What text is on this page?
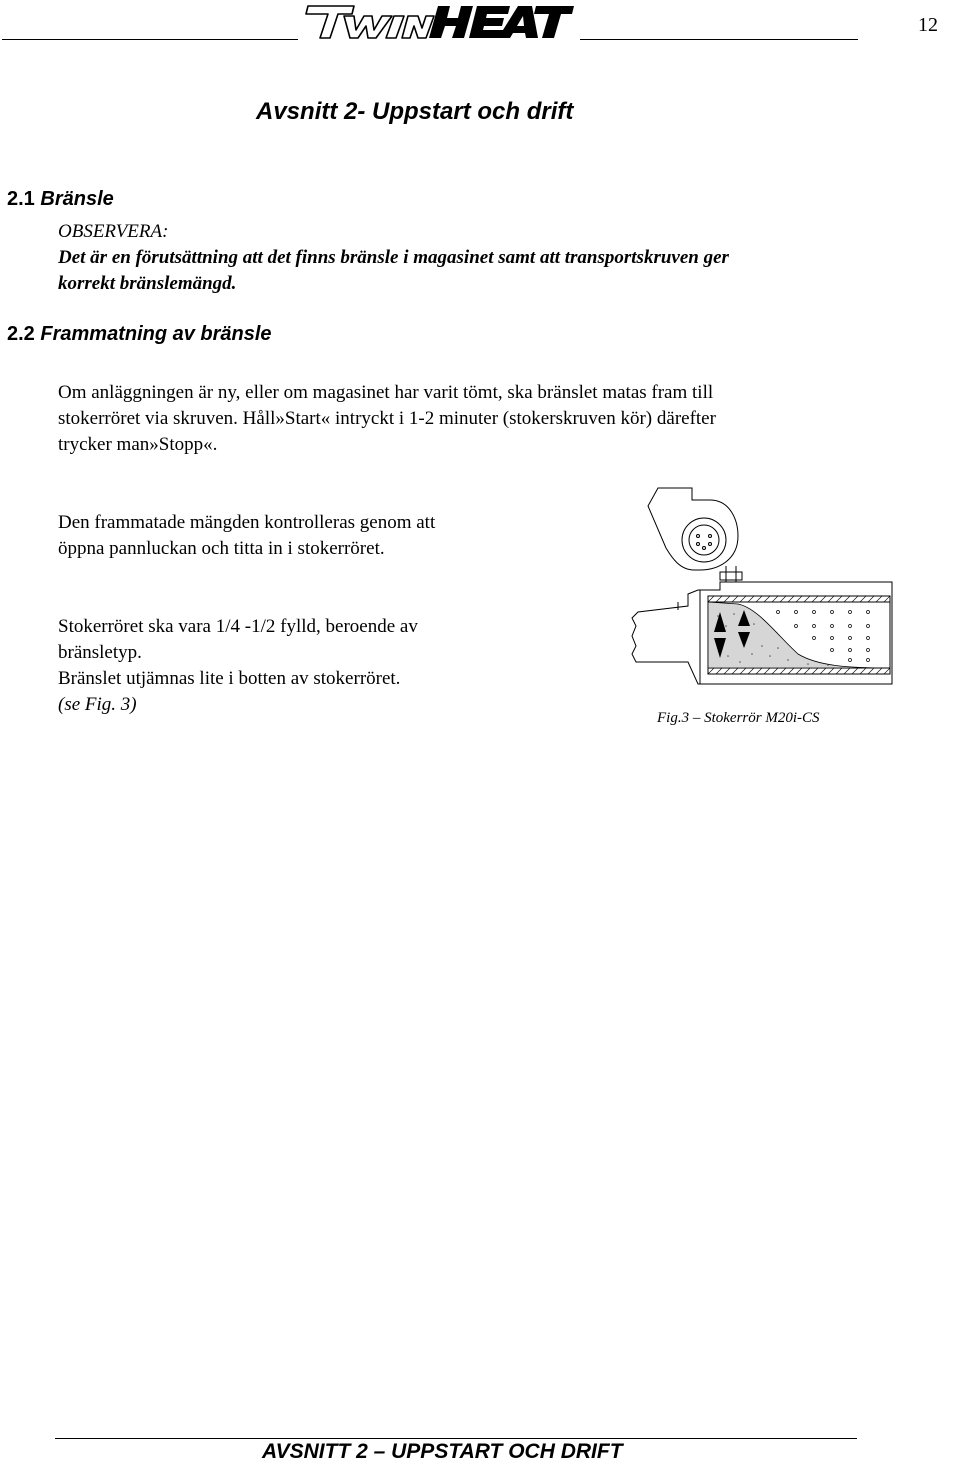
12
Avsnitt 2- Uppstart och drift
2.1 Bränsle
OBSERVERA:
Det är en förutsättning att det finns bränsle i magasinet samt att transportskruven ger
korrekt bränslemängd.
2.2 Frammatning av bränsle
Om anläggningen är ny, eller om magasinet har varit tömt, ska bränslet matas fram till
stokerröret via skruven. Håll»Start« intryckt i 1-2 minuter (stokerskruven kör) därefter
trycker man»Stopp«.
Den frammatade mängden kontrolleras genom att
öppna pannluckan och titta in i stokerröret.
Stokerröret ska vara 1/4 -1/2 fylld, beroende av
bränsletyp.
Bränslet utjämnas lite i botten av stokerröret.
(se Fig. 3)
Fig.3 – Stokerrör M20i-CS
AVSNITT 2 – UPPSTART OCH DRIFT
